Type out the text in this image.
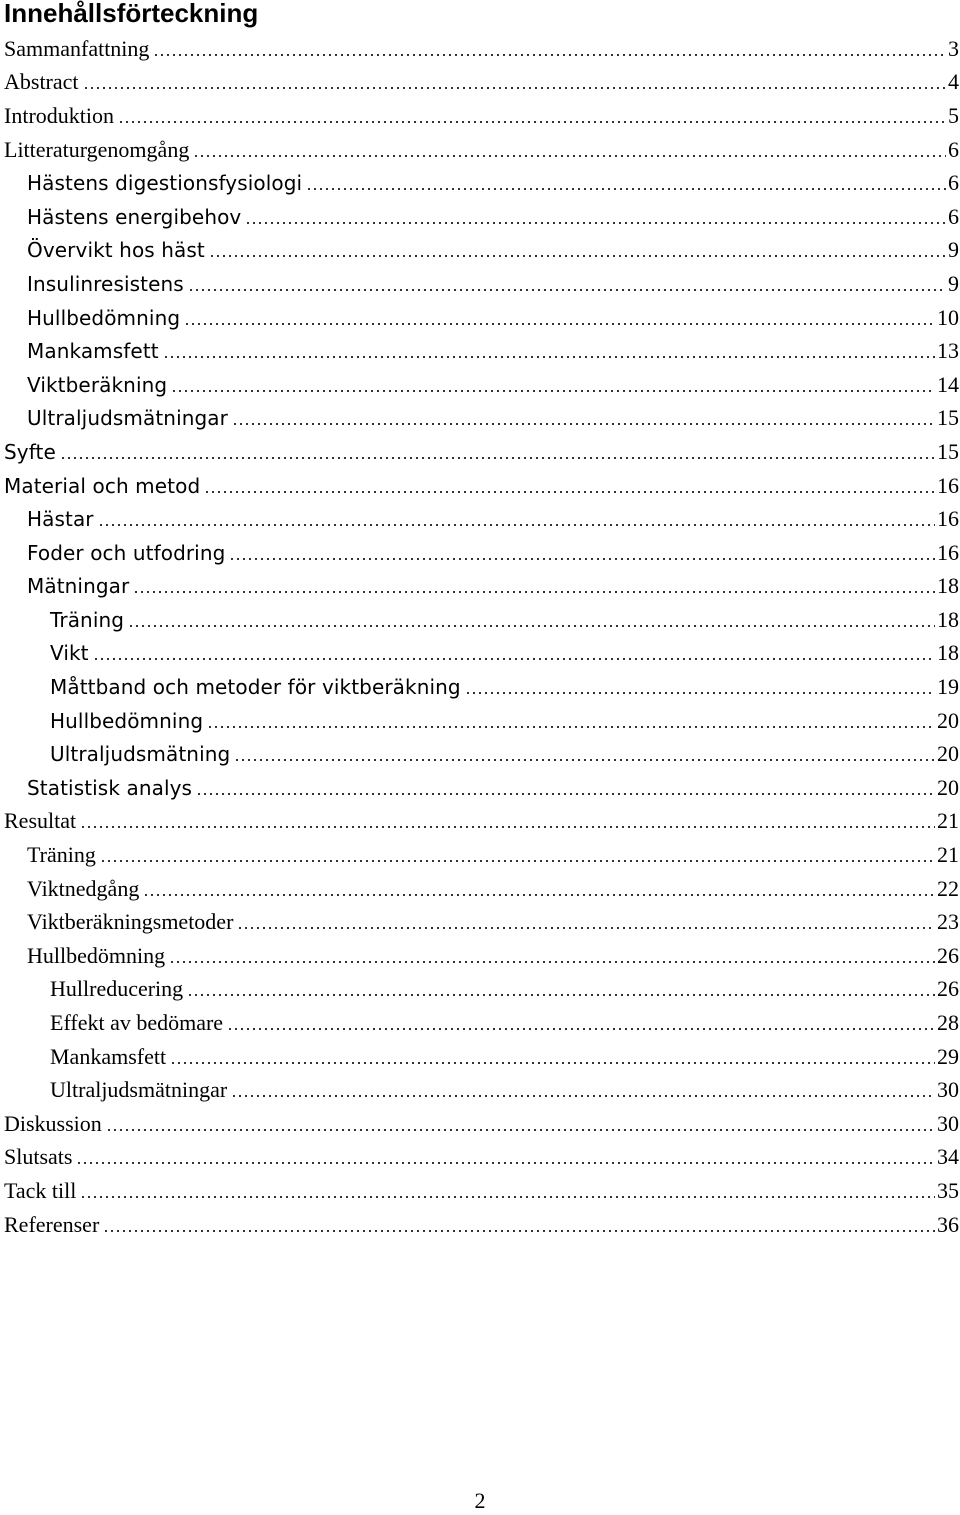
Innehållsförteckning
Sammanfattning	3
Abstract	4
Introduktion	5
Litteraturgenomgång	6
Hästens digestionsfysiologi	6
Hästens energibehov	6
Övervikt hos häst	9
Insulinresistens	9
Hullbedömning	10
Mankamsfett	13
Viktberäkning	14
Ultraljudsmätningar	15
Syfte	15
Material och metod	16
Hästar	16
Foder och utfodring	16
Mätningar	18
Träning	18
Vikt	18
Måttband och metoder för viktberäkning	19
Hullbedömning	20
Ultraljudsmätning	20
Statistisk analys	20
Resultat	21
Träning	21
Viktnedgång	22
Viktberäkningsmetoder	23
Hullbedömning	26
Hullreducering	26
Effekt av bedömare	28
Mankamsfett	29
Ultraljudsmätningar	30
Diskussion	30
Slutsats	34
Tack till	35
Referenser	36
2
